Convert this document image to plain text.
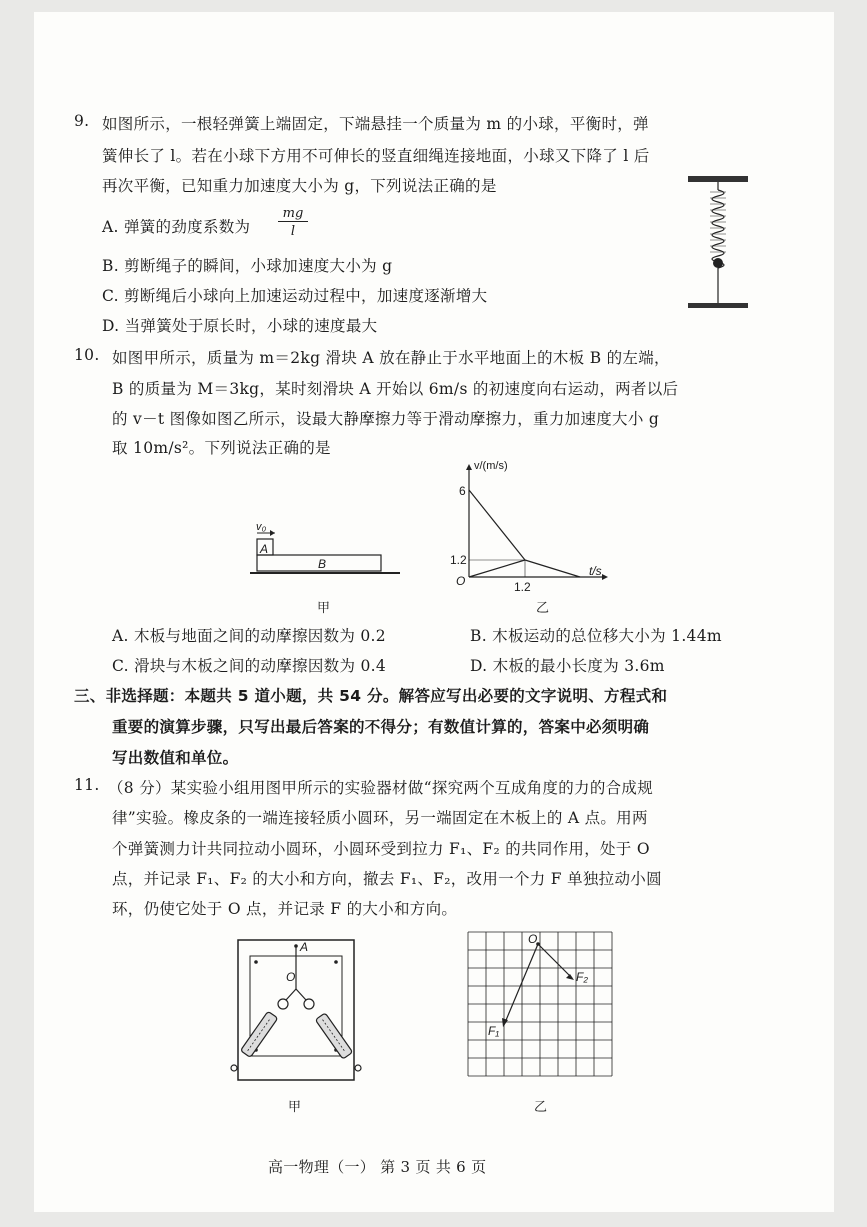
9. 如图所示，一根轻弹簧上端固定，下端悬挂一个质量为 m 的小球，平衡时，弹
簧伸长了 l。若在小球下方用不可伸长的竖直细绳连接地面，小球又下降了 l 后
再次平衡，已知重力加速度大小为 g，下列说法正确的是
A. 弹簧的劲度系数为
mg
l
B. 剪断绳子的瞬间，小球加速度大小为 g
C. 剪断绳后小球向上加速运动过程中，加速度逐渐增大
D. 当弹簧处于原长时，小球的速度最大
10. 如图甲所示，质量为 m＝2kg 滑块 A 放在静止于水平地面上的木板 B 的左端，
B 的质量为 M＝3kg，某时刻滑块 A 开始以 6m/s 的初速度向右运动，两者以后
的 v－t 图像如图乙所示，设最大静摩擦力等于滑动摩擦力，重力加速度大小 g
取 10m/s²。下列说法正确的是
v₀
A
B
甲
v/(m/s)
6
1.2
O	1.2
t/s
乙
A. 木板与地面之间的动摩擦因数为 0.2	B. 木板运动的总位移大小为 1.44m
C. 滑块与木板之间的动摩擦因数为 0.4	D. 木板的最小长度为 3.6m
三、非选择题：本题共 5 道小题，共 54 分。解答应写出必要的文字说明、方程式和
重要的演算步骤，只写出最后答案的不得分；有数值计算的，答案中必须明确
写出数值和单位。
11. （8 分）某实验小组用图甲所示的实验器材做“探究两个互成角度的力的合成规
律”实验。橡皮条的一端连接轻质小圆环，另一端固定在木板上的 A 点。用两
个弹簧测力计共同拉动小圆环，小圆环受到拉力 F₁、F₂ 的共同作用，处于 O
点，并记录 F₁、F₂ 的大小和方向，撤去 F₁、F₂，改用一个力 F 单独拉动小圆
环，仍使它处于 O 点，并记录 F 的大小和方向。
A
O
甲
O
F₁
F₂
乙
高一物理（一） 第 3 页 共 6 页
